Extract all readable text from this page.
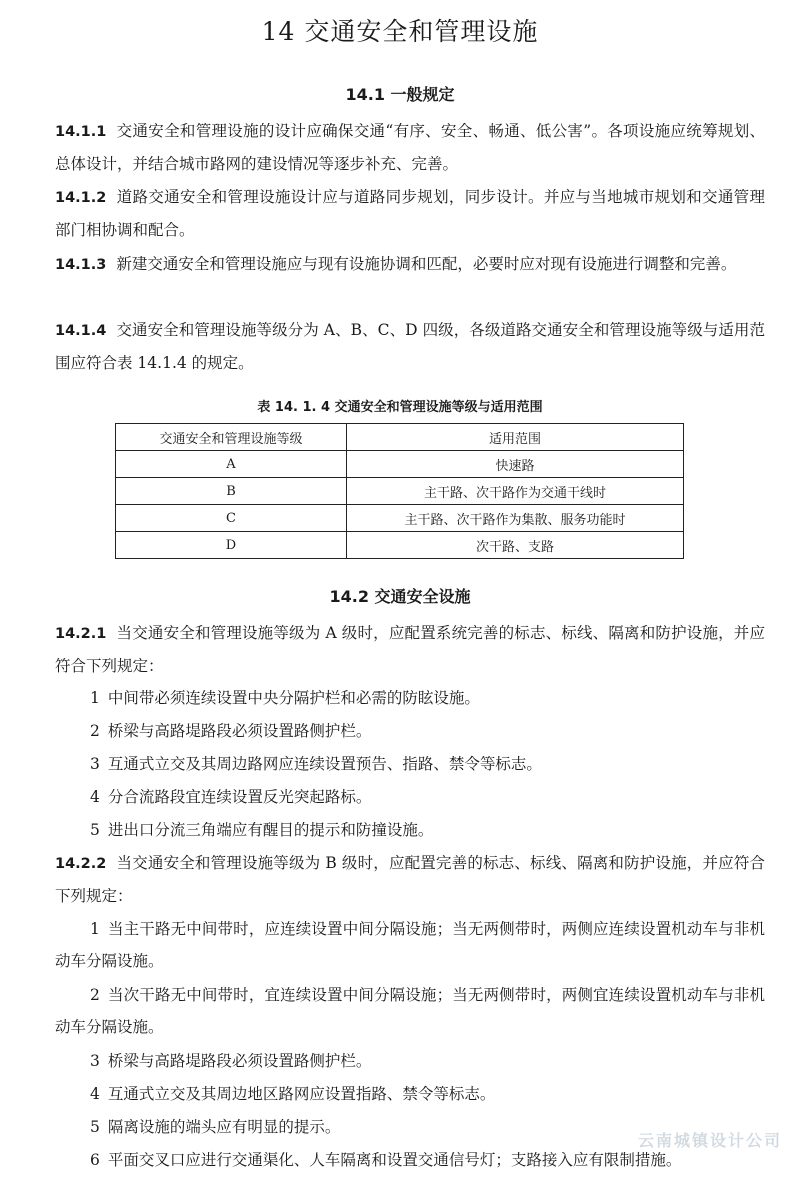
14 交通安全和管理设施
14.1 一般规定
14.1.1 交通安全和管理设施的设计应确保交通“有序、安全、畅通、低公害”。各项设施应统筹规划、总体设计，并结合城市路网的建设情况等逐步补充、完善。
14.1.2 道路交通安全和管理设施设计应与道路同步规划，同步设计。并应与当地城市规划和交通管理部门相协调和配合。
14.1.3 新建交通安全和管理设施应与现有设施协调和匹配，必要时应对现有设施进行调整和完善。
14.1.4 交通安全和管理设施等级分为 A、B、C、D 四级，各级道路交通安全和管理设施等级与适用范围应符合表 14.1.4 的规定。
表 14. 1. 4 交通安全和管理设施等级与适用范围
交通安全和管理设施等级	适用范围
A	快速路
B	主干路、次干路作为交通干线时
C	主干路、次干路作为集散、服务功能时
D	次干路、支路
14.2 交通安全设施
14.2.1 当交通安全和管理设施等级为 A 级时，应配置系统完善的标志、标线、隔离和防护设施，并应符合下列规定：
1 中间带必须连续设置中央分隔护栏和必需的防眩设施。
2 桥梁与高路堤路段必须设置路侧护栏。
3 互通式立交及其周边路网应连续设置预告、指路、禁令等标志。
4 分合流路段宜连续设置反光突起路标。
5 进出口分流三角端应有醒目的提示和防撞设施。
14.2.2 当交通安全和管理设施等级为 B 级时，应配置完善的标志、标线、隔离和防护设施，并应符合下列规定：
1 当主干路无中间带时，应连续设置中间分隔设施；当无两侧带时，两侧应连续设置机动车与非机动车分隔设施。
2 当次干路无中间带时，宜连续设置中间分隔设施；当无两侧带时，两侧宜连续设置机动车与非机动车分隔设施。
3 桥梁与高路堤路段必须设置路侧护栏。
4 互通式立交及其周边地区路网应设置指路、禁令等标志。
5 隔离设施的端头应有明显的提示。
6 平面交叉口应进行交通渠化、人车隔离和设置交通信号灯；支路接入应有限制措施。
云南城镇设计公司
